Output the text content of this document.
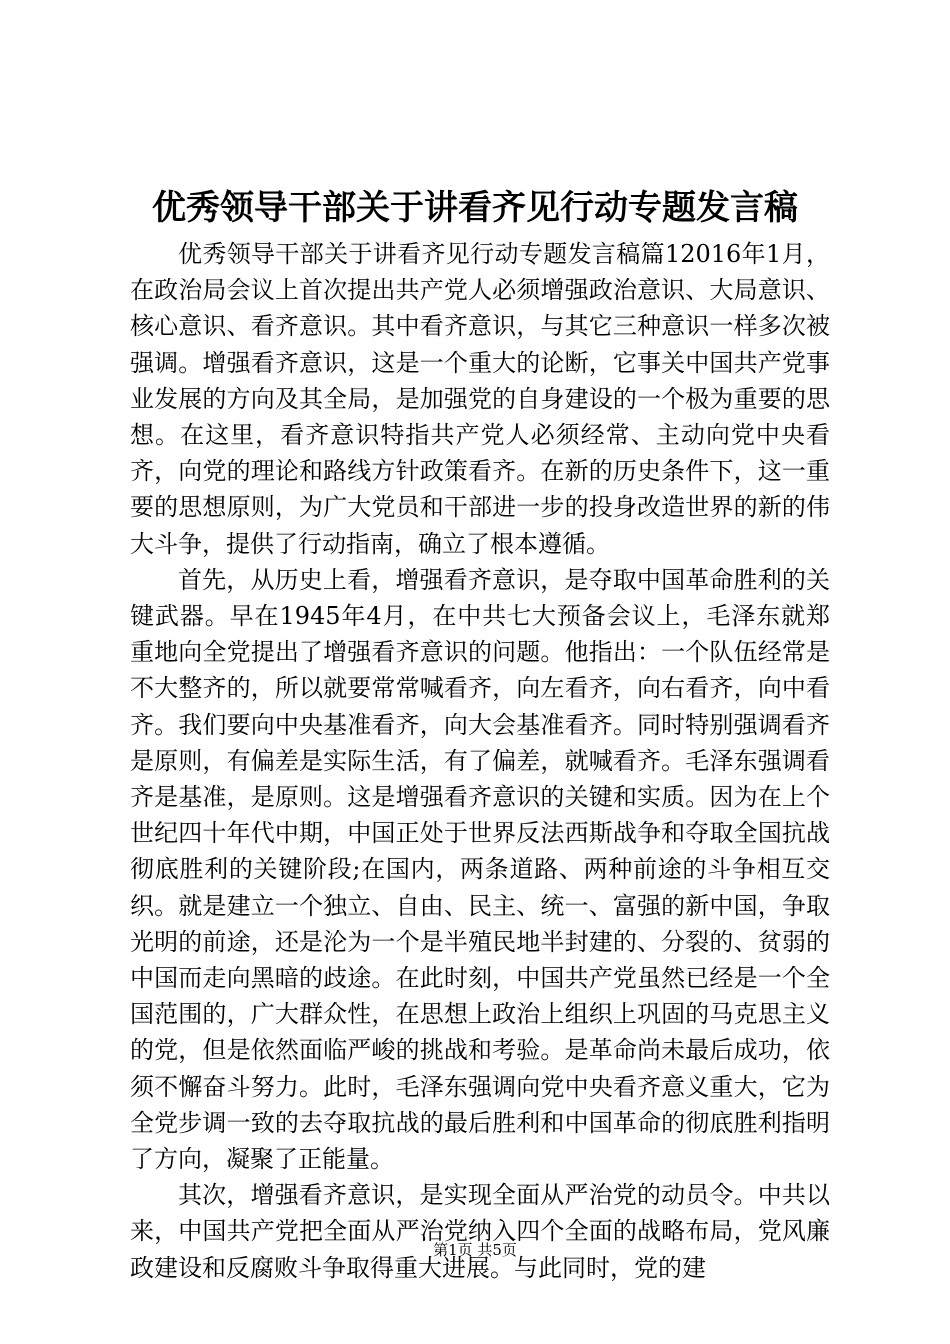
优秀领导干部关于讲看齐见行动专题发言稿

优秀领导干部关于讲看齐见行动专题发言稿篇12016年1月，在政治局会议上首次提出共产党人必须增强政治意识、大局意识、核心意识、看齐意识。其中看齐意识，与其它三种意识一样多次被强调。增强看齐意识，这是一个重大的论断，它事关中国共产党事业发展的方向及其全局，是加强党的自身建设的一个极为重要的思想。在这里，看齐意识特指共产党人必须经常、主动向党中央看齐，向党的理论和路线方针政策看齐。在新的历史条件下，这一重要的思想原则，为广大党员和干部进一步的投身改造世界的新的伟大斗争，提供了行动指南，确立了根本遵循。

首先，从历史上看，增强看齐意识，是夺取中国革命胜利的关键武器。早在1945年4月，在中共七大预备会议上，毛泽东就郑重地向全党提出了增强看齐意识的问题。他指出：一个队伍经常是不大整齐的，所以就要常常喊看齐，向左看齐，向右看齐，向中看齐。我们要向中央基准看齐，向大会基准看齐。同时特别强调看齐是原则，有偏差是实际生活，有了偏差，就喊看齐。毛泽东强调看齐是基准，是原则。这是增强看齐意识的关键和实质。因为在上个世纪四十年代中期，中国正处于世界反法西斯战争和夺取全国抗战彻底胜利的关键阶段;在国内，两条道路、两种前途的斗争相互交织。就是建立一个独立、自由、民主、统一、富强的新中国，争取光明的前途，还是沦为一个是半殖民地半封建的、分裂的、贫弱的中国而走向黑暗的歧途。在此时刻，中国共产党虽然已经是一个全国范围的，广大群众性，在思想上政治上组织上巩固的马克思主义的党，但是依然面临严峻的挑战和考验。是革命尚未最后成功，依须不懈奋斗努力。此时，毛泽东强调向党中央看齐意义重大，它为全党步调一致的去夺取抗战的最后胜利和中国革命的彻底胜利指明了方向，凝聚了正能量。

其次，增强看齐意识，是实现全面从严治党的动员令。中共以来，中国共产党把全面从严治党纳入四个全面的战略布局，党风廉政建设和反腐败斗争取得重大进展。与此同时，党的建

第1页 共5页
